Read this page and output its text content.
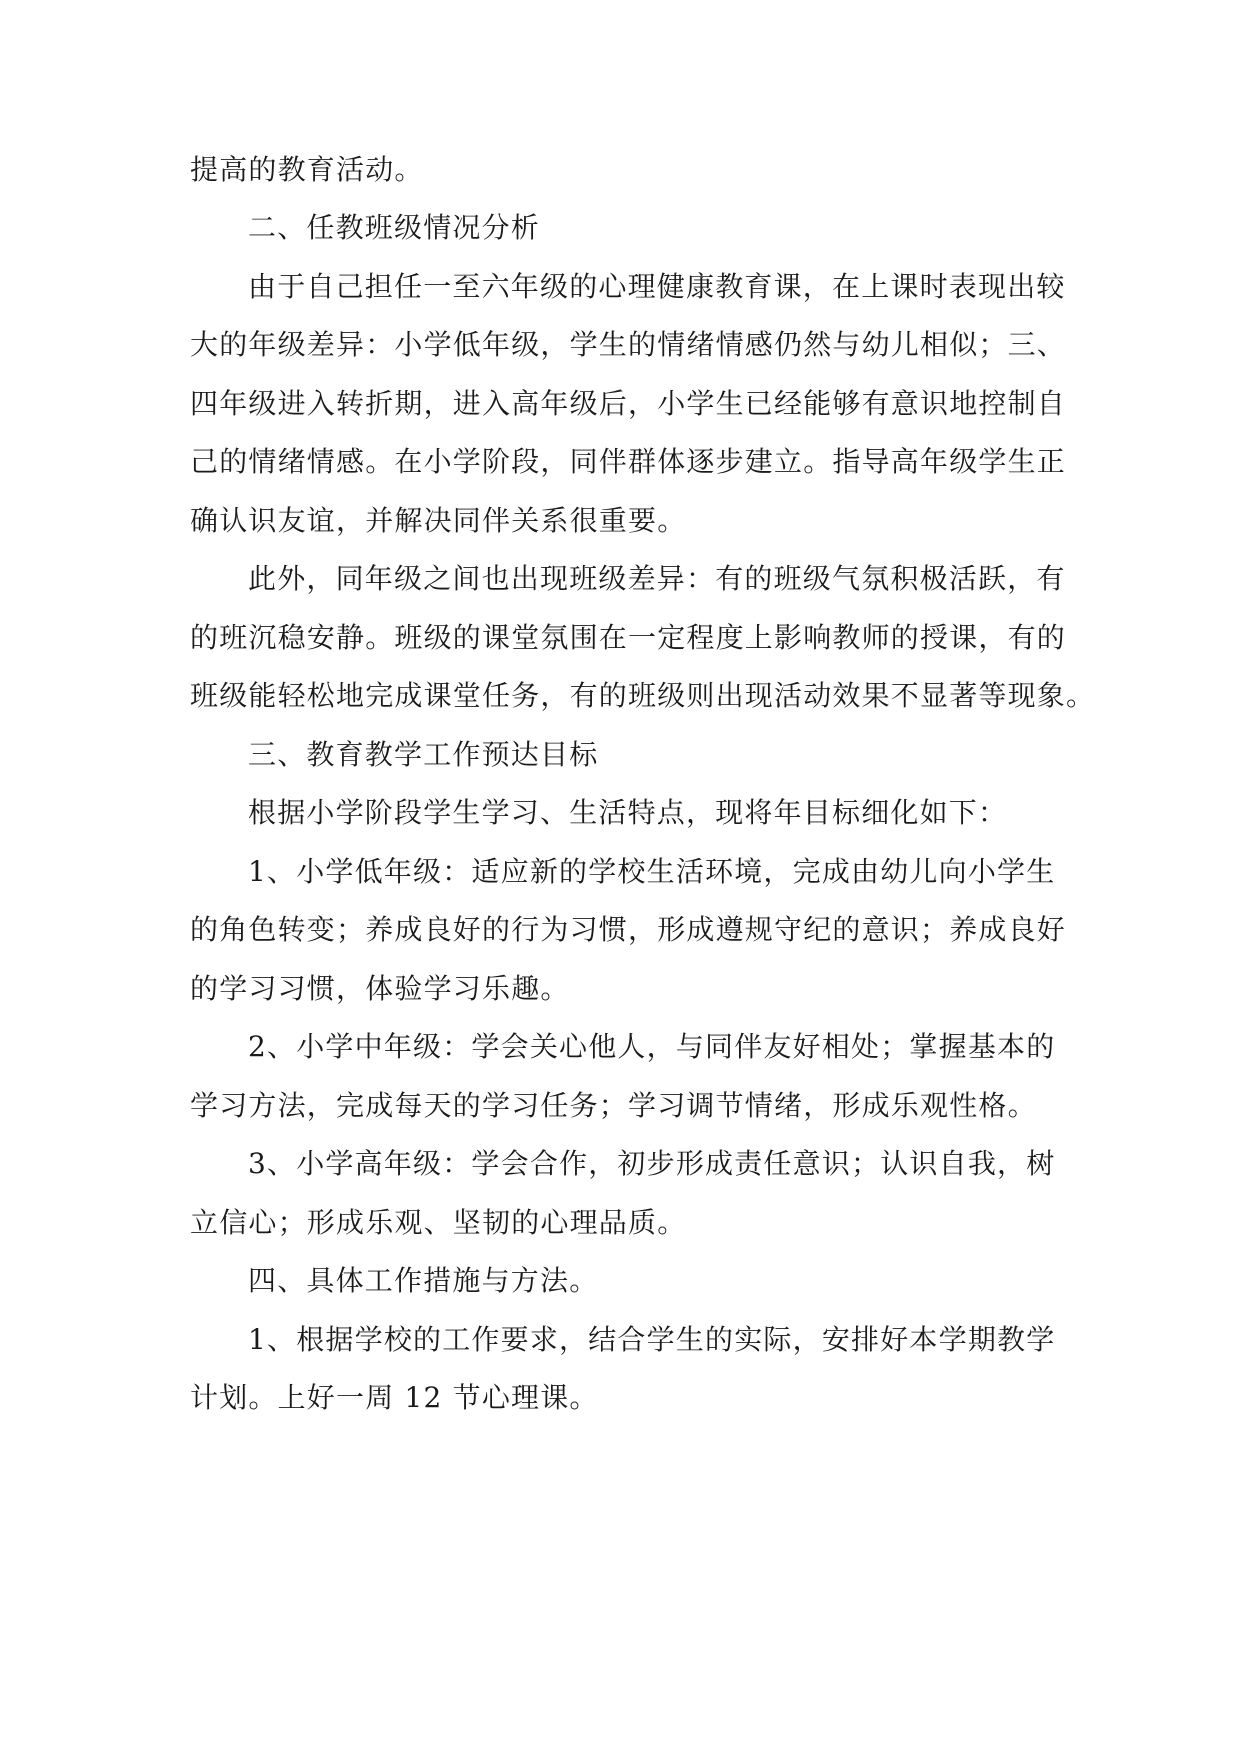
提高的教育活动。
二、任教班级情况分析
由于自己担任一至六年级的心理健康教育课，在上课时表现出较
大的年级差异：小学低年级，学生的情绪情感仍然与幼儿相似；三、
四年级进入转折期，进入高年级后，小学生已经能够有意识地控制自
己的情绪情感。在小学阶段，同伴群体逐步建立。指导高年级学生正
确认识友谊，并解决同伴关系很重要。
此外，同年级之间也出现班级差异：有的班级气氛积极活跃，有
的班沉稳安静。班级的课堂氛围在一定程度上影响教师的授课，有的
班级能轻松地完成课堂任务，有的班级则出现活动效果不显著等现象。
三、教育教学工作预达目标
根据小学阶段学生学习、生活特点，现将年目标细化如下：
1、小学低年级：适应新的学校生活环境，完成由幼儿向小学生
的角色转变；养成良好的行为习惯，形成遵规守纪的意识；养成良好
的学习习惯，体验学习乐趣。
2、小学中年级：学会关心他人，与同伴友好相处；掌握基本的
学习方法，完成每天的学习任务；学习调节情绪，形成乐观性格。
3、小学高年级：学会合作，初步形成责任意识；认识自我，树
立信心；形成乐观、坚韧的心理品质。
四、具体工作措施与方法。
1、根据学校的工作要求，结合学生的实际，安排好本学期教学
计划。上好一周 12 节心理课。
